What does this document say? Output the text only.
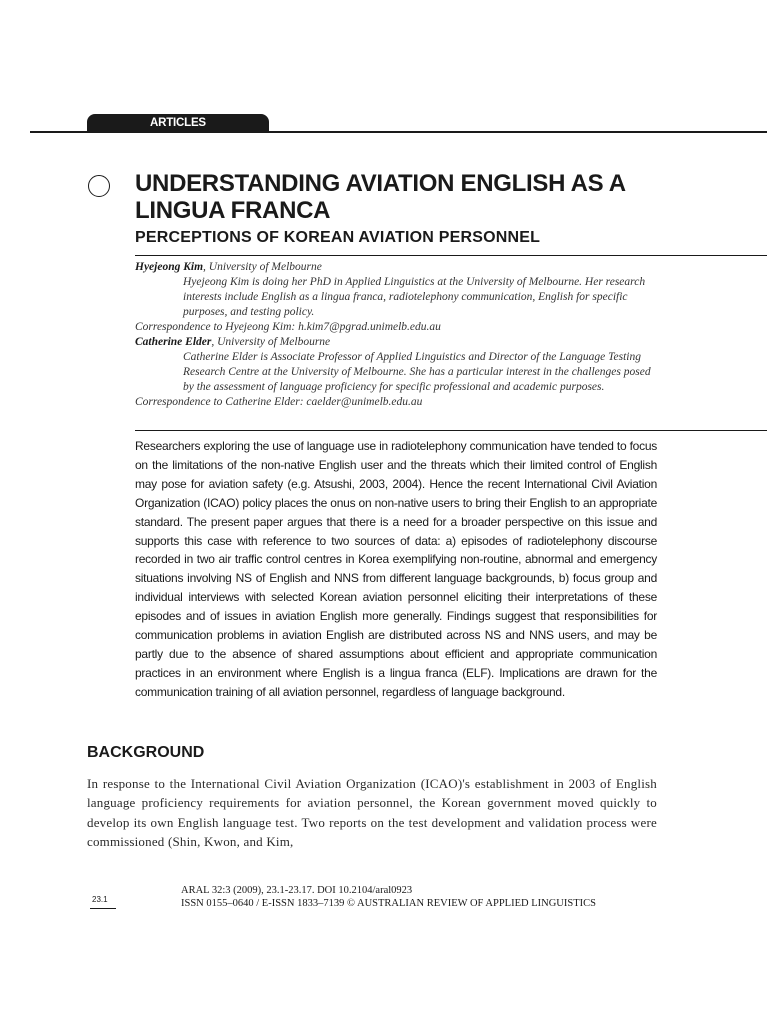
ARTICLES
UNDERSTANDING AVIATION ENGLISH AS A LINGUA FRANCA
PERCEPTIONS OF KOREAN AVIATION PERSONNEL
Hyejeong Kim, University of Melbourne
Hyejeong Kim is doing her PhD in Applied Linguistics at the University of Melbourne. Her research interests include English as a lingua franca, radiotelephony communication, English for specific purposes, and testing policy.
Correspondence to Hyejeong Kim: h.kim7@pgrad.unimelb.edu.au
Catherine Elder, University of Melbourne
Catherine Elder is Associate Professor of Applied Linguistics and Director of the Language Testing Research Centre at the University of Melbourne. She has a particular interest in the challenges posed by the assessment of language proficiency for specific professional and academic purposes.
Correspondence to Catherine Elder: caelder@unimelb.edu.au

Researchers exploring the use of language use in radiotelephony communication have tended to focus on the limitations of the non-native English user and the threats which their limited control of English may pose for aviation safety (e.g. Atsushi, 2003, 2004). Hence the recent International Civil Aviation Organization (ICAO) policy places the onus on non-native users to bring their English to an appropriate standard. The present paper argues that there is a need for a broader perspective on this issue and supports this case with reference to two sources of data: a) episodes of radiotelephony discourse recorded in two air traffic control centres in Korea exemplifying non-routine, abnormal and emergency situations involving NS of English and NNS from different language backgrounds, b) focus group and individual interviews with selected Korean aviation personnel eliciting their interpretations of these episodes and of issues in aviation English more generally. Findings suggest that responsibilities for communication problems in aviation English are distributed across NS and NNS users, and may be partly due to the absence of shared assumptions about efficient and appropriate communication practices in an environment where English is a lingua franca (ELF). Implications are drawn for the communication training of all aviation personnel, regardless of language background.

BACKGROUND

In response to the International Civil Aviation Organization (ICAO)'s establishment in 2003 of English language proficiency requirements for aviation personnel, the Korean government moved quickly to develop its own English language test. Two reports on the test development and validation process were commissioned (Shin, Kwon, and Kim,

23.1
ARAL 32:3 (2009), 23.1-23.17. DOI 10.2104/aral0923
ISSN 0155–0640 / E-ISSN 1833–7139 © AUSTRALIAN REVIEW OF APPLIED LINGUISTICS
